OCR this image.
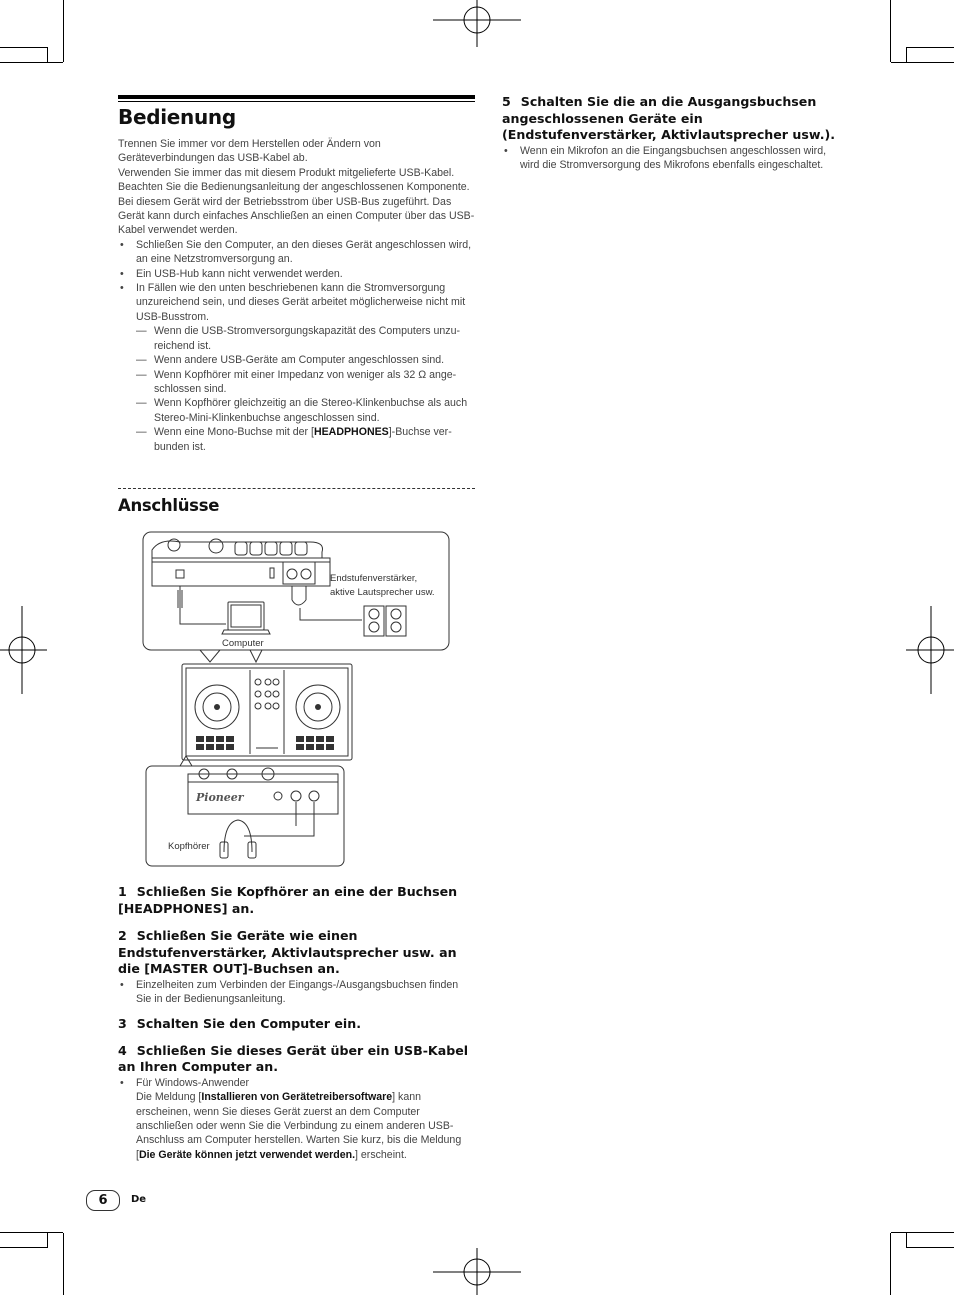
Bedienung

Trennen Sie immer vor dem Herstellen oder Ändern von Geräteverbindungen das USB-Kabel ab.

Verwenden Sie immer das mit diesem Produkt mitgelieferte USB-Kabel.

Beachten Sie die Bedienungsanleitung der angeschlossenen Komponente.

Bei diesem Gerät wird der Betriebsstrom über USB-Bus zugeführt. Das Gerät kann durch einfaches Anschließen an einen Computer über das USB-Kabel verwendet werden.

• Schließen Sie den Computer, an den dieses Gerät angeschlossen wird, an eine Netzstromversorgung an.

• Ein USB-Hub kann nicht verwendet werden.

• In Fällen wie den unten beschriebenen kann die Stromversorgung unzureichend sein, und dieses Gerät arbeitet möglicherweise nicht mit USB-Busstrom.

— Wenn die USB-Stromversorgungskapazität des Computers unzu-reichend ist.

— Wenn andere USB-Geräte am Computer angeschlossen sind.

— Wenn Kopfhörer mit einer Impedanz von weniger als 32 Ω ange-schlossen sind.

— Wenn Kopfhörer gleichzeitig an die Stereo-Klinkenbuchse als auch Stereo-Mini-Klinkenbuchse angeschlossen sind.

— Wenn eine Mono-Buchse mit der [HEADPHONES]-Buchse ver-bunden ist.

Anschlüsse
Pioneer
Endstufenverstärker,
aktive Lautsprecher usw.
Computer
Kopfhörer

1 Schließen Sie Kopfhörer an eine der Buchsen [HEADPHONES] an.

2 Schließen Sie Geräte wie einen Endstufenverstärker, Aktivlautsprecher usw. an die [MASTER OUT]-Buchsen an.

• Einzelheiten zum Verbinden der Eingangs-/Ausgangsbuchsen finden Sie in der Bedienungsanleitung.

3 Schalten Sie den Computer ein.

4 Schließen Sie dieses Gerät über ein USB-Kabel an Ihren Computer an.

• Für Windows-Anwender

Die Meldung [Installieren von Gerätetreibersoftware] kann erscheinen, wenn Sie dieses Gerät zuerst an dem Computer anschließen oder wenn Sie die Verbindung zu einem anderen USB-Anschluss am Computer herstellen. Warten Sie kurz, bis die Meldung [Die Geräte können jetzt verwendet werden.] erscheint.

5 Schalten Sie die an die Ausgangsbuchsen angeschlossenen Geräte ein (Endstufenverstärker, Aktivlautsprecher usw.).

• Wenn ein Mikrofon an die Eingangsbuchsen angeschlossen wird, wird die Stromversorgung des Mikrofons ebenfalls eingeschaltet.

6	De
